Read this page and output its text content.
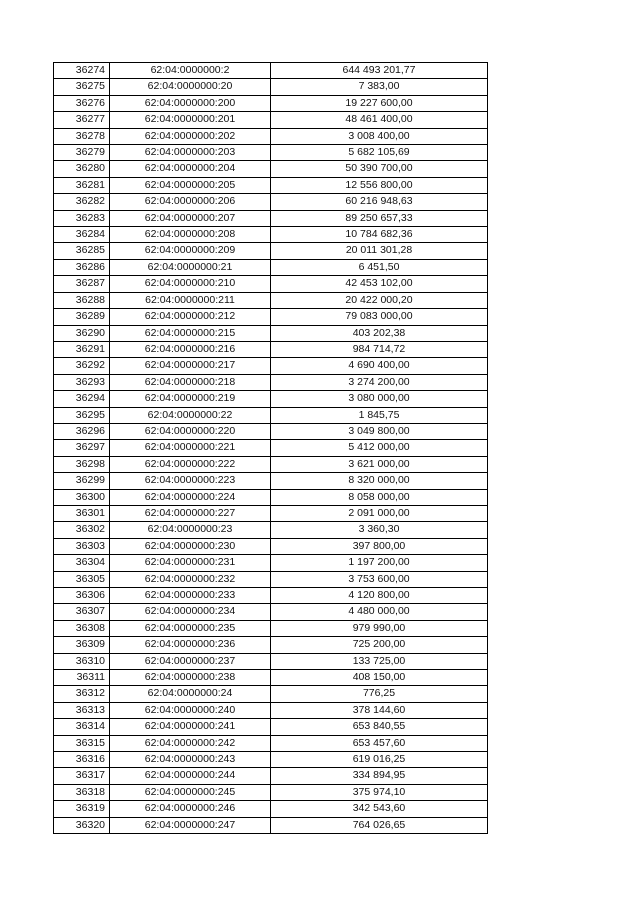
36274	62:04:0000000:2	644 493 201,77
36275	62:04:0000000:20	7 383,00
36276	62:04:0000000:200	19 227 600,00
36277	62:04:0000000:201	48 461 400,00
36278	62:04:0000000:202	3 008 400,00
36279	62:04:0000000:203	5 682 105,69
36280	62:04:0000000:204	50 390 700,00
36281	62:04:0000000:205	12 556 800,00
36282	62:04:0000000:206	60 216 948,63
36283	62:04:0000000:207	89 250 657,33
36284	62:04:0000000:208	10 784 682,36
36285	62:04:0000000:209	20 011 301,28
36286	62:04:0000000:21	6 451,50
36287	62:04:0000000:210	42 453 102,00
36288	62:04:0000000:211	20 422 000,20
36289	62:04:0000000:212	79 083 000,00
36290	62:04:0000000:215	403 202,38
36291	62:04:0000000:216	984 714,72
36292	62:04:0000000:217	4 690 400,00
36293	62:04:0000000:218	3 274 200,00
36294	62:04:0000000:219	3 080 000,00
36295	62:04:0000000:22	1 845,75
36296	62:04:0000000:220	3 049 800,00
36297	62:04:0000000:221	5 412 000,00
36298	62:04:0000000:222	3 621 000,00
36299	62:04:0000000:223	8 320 000,00
36300	62:04:0000000:224	8 058 000,00
36301	62:04:0000000:227	2 091 000,00
36302	62:04:0000000:23	3 360,30
36303	62:04:0000000:230	397 800,00
36304	62:04:0000000:231	1 197 200,00
36305	62:04:0000000:232	3 753 600,00
36306	62:04:0000000:233	4 120 800,00
36307	62:04:0000000:234	4 480 000,00
36308	62:04:0000000:235	979 990,00
36309	62:04:0000000:236	725 200,00
36310	62:04:0000000:237	133 725,00
36311	62:04:0000000:238	408 150,00
36312	62:04:0000000:24	776,25
36313	62:04:0000000:240	378 144,60
36314	62:04:0000000:241	653 840,55
36315	62:04:0000000:242	653 457,60
36316	62:04:0000000:243	619 016,25
36317	62:04:0000000:244	334 894,95
36318	62:04:0000000:245	375 974,10
36319	62:04:0000000:246	342 543,60
36320	62:04:0000000:247	764 026,65
